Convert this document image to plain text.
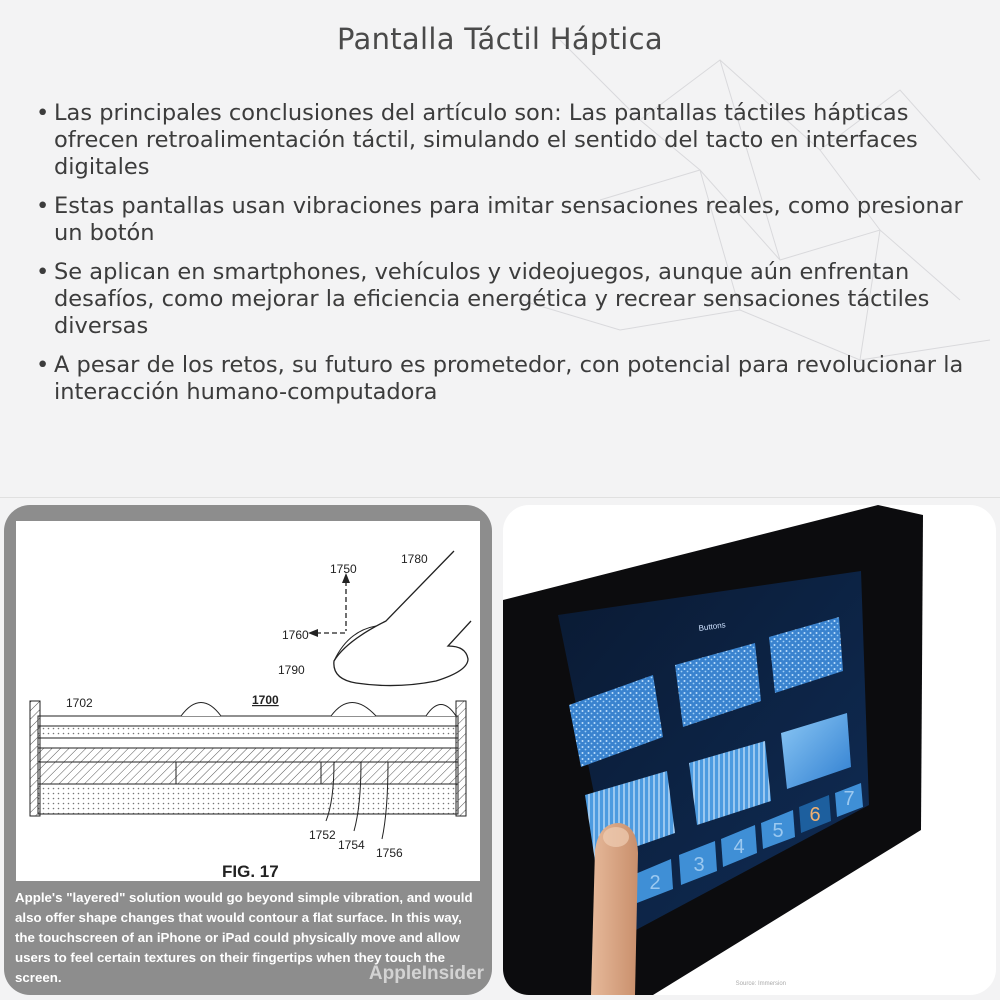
Pantalla Táctil Háptica
• Las principales conclusiones del artículo son: Las pantallas táctiles hápticas ofrecen retroalimentación táctil, simulando el sentido del tacto en interfaces digitales
• Estas pantallas usan vibraciones para imitar sensaciones reales, como presionar un botón
• Se aplican en smartphones, vehículos y videojuegos, aunque aún enfrentan desafíos, como mejorar la eficiencia energética y recrear sensaciones táctiles diversas
• A pesar de los retos, su futuro es prometedor, con potencial para revolucionar la interacción humano-computadora
1780
1750
1760
1790
1702	1700
1752
1754
1756
FIG. 17
Apple's "layered" solution would go beyond simple vibration, and would also offer shape changes that would contour a flat surface. In this way, the touchscreen of an iPhone or iPad could physically move and allow users to feel certain textures on their fingertips when they touch the screen.	AppleInsider
Buttons
2
3
4
5
6
7
Source: Immersion
